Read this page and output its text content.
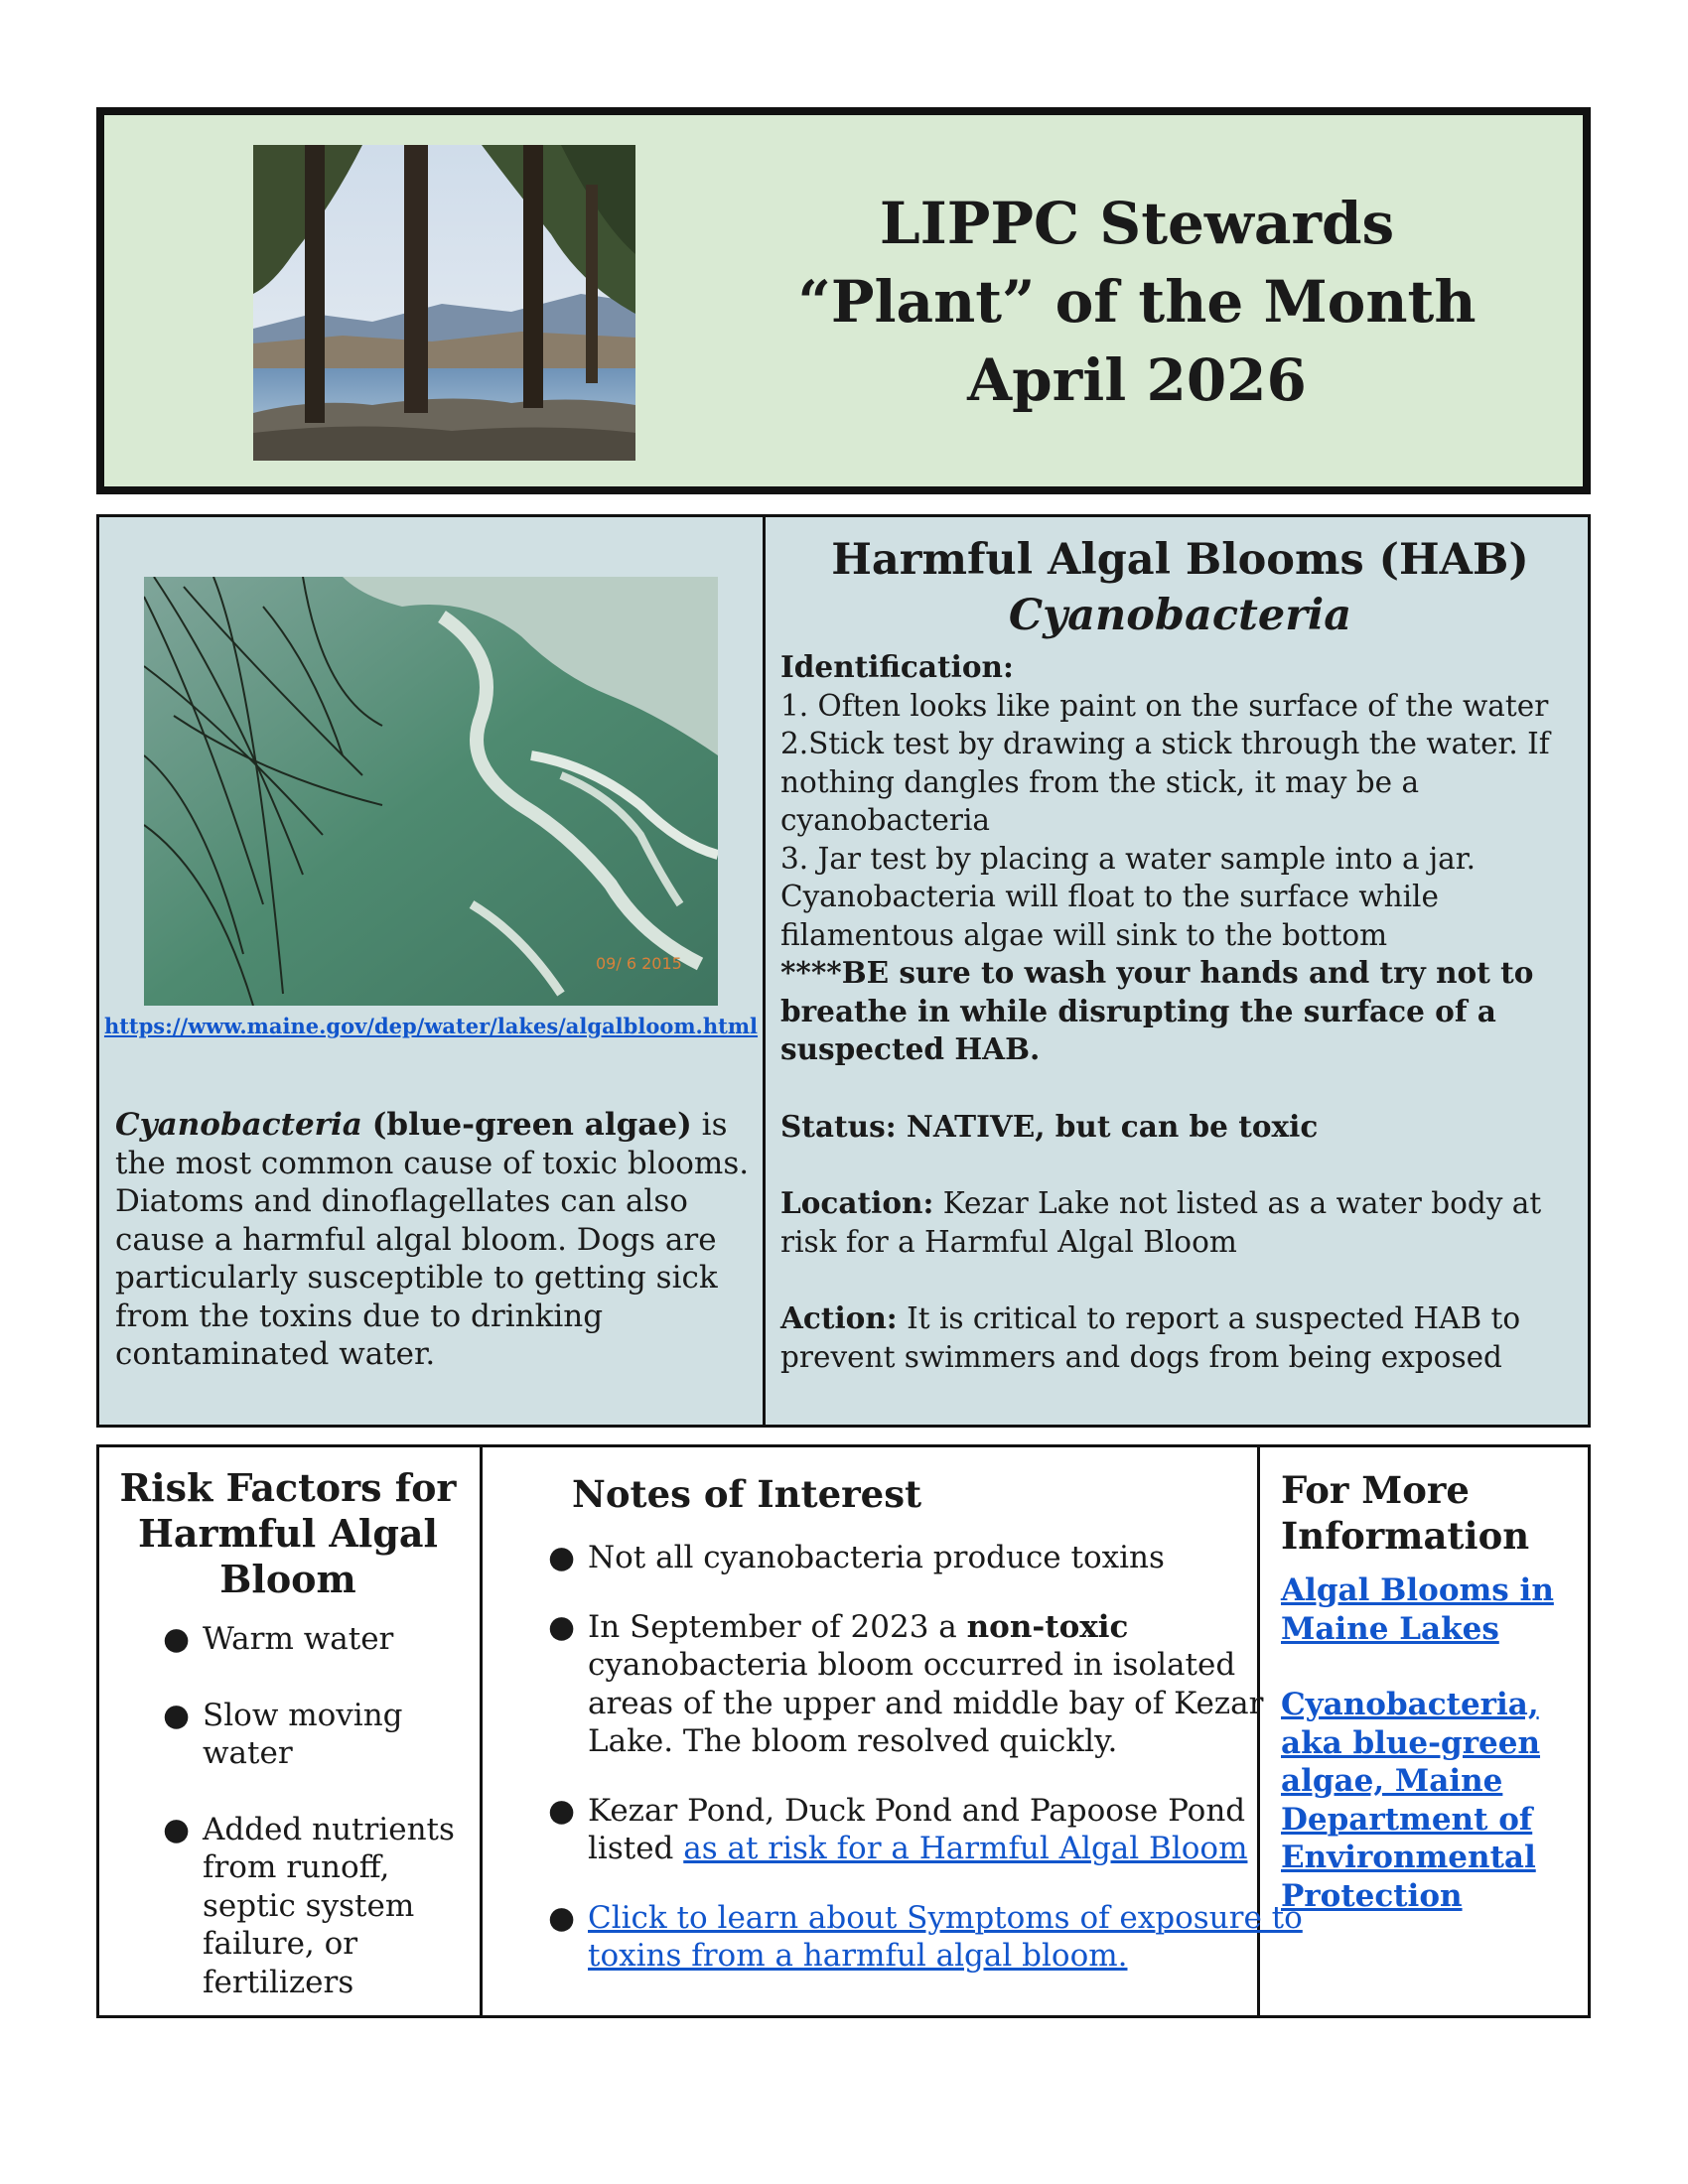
LIPPC Stewards
“Plant” of the Month
April 2026
09/ 6 2015
https://www.maine.gov/dep/water/lakes/algalbloom.html
Cyanobacteria (blue-green algae) is the most common cause of toxic blooms. Diatoms and dinoflagellates can also cause a harmful algal bloom. Dogs are particularly susceptible to getting sick from the toxins due to drinking contaminated water.
Harmful Algal Blooms (HAB)
Cyanobacteria
Identification:
1. Often looks like paint on the surface of the water
2.Stick test by drawing a stick through the water. If nothing dangles from the stick, it may be a cyanobacteria
3. Jar test by placing a water sample into a jar. Cyanobacteria will float to the surface while filamentous algae will sink to the bottom
****BE sure to wash your hands and try not to breathe in while disrupting the surface of a suspected HAB.
Status: NATIVE, but can be toxic
Location: Kezar Lake not listed as a water body at risk for a Harmful Algal Bloom
Action: It is critical to report a suspected HAB to prevent swimmers and dogs from being exposed
Risk Factors for Harmful Algal Bloom
● Warm water
● Slow moving water
● Added nutrients from runoff, septic system failure, or fertilizers
Notes of Interest
● Not all cyanobacteria produce toxins
● In September of 2023 a non-toxic cyanobacteria bloom occurred in isolated areas of the upper and middle bay of Kezar Lake. The bloom resolved quickly.
● Kezar Pond, Duck Pond and Papoose Pond listed as at risk for a Harmful Algal Bloom
● Click to learn about Symptoms of exposure to toxins from a harmful algal bloom.
For More Information
Algal Blooms in Maine Lakes
Cyanobacteria, aka blue-green algae, Maine Department of Environmental Protection
